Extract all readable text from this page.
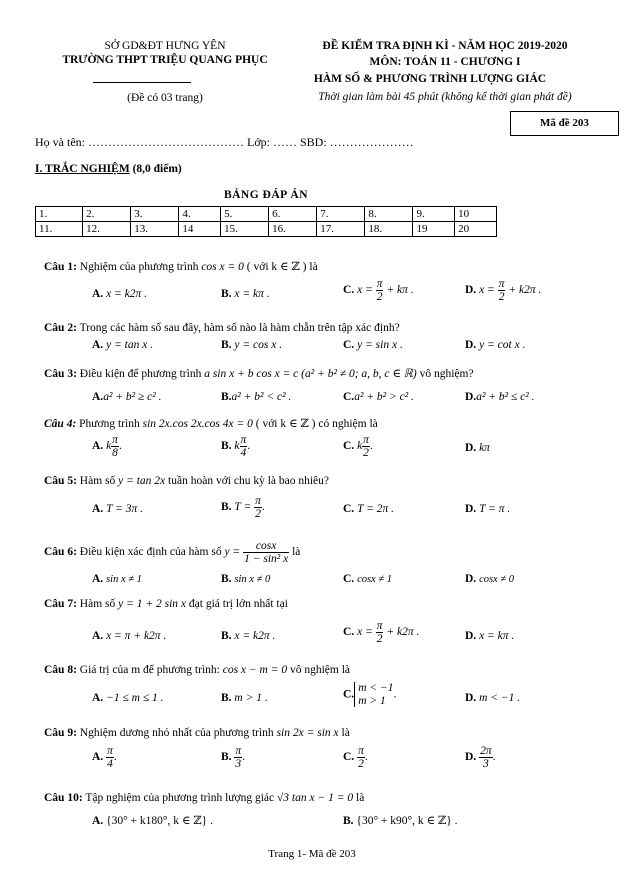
SỞ GD&ĐT HƯNG YÊN
TRƯỜNG THPT TRIỆU QUANG PHỤC
(Đề có 03 trang)
ĐỀ KIỂM TRA ĐỊNH KÌ - NĂM HỌC 2019-2020
MÔN: TOÁN 11 - CHƯƠNG I
HÀM SỐ & PHƯƠNG TRÌNH LƯỢNG GIÁC
Thời gian làm bài 45 phút (không kể thời gian phát đề)
Mã đề 203
Họ và tên: ………………………………… Lớp: …… SBD: …………………
I. TRẮC NGHIỆM (8,0 điểm)
BẢNG ĐÁP ÁN
1.	2.	3.	4.	5.	6.	7.	8.	9.	10
11.	12.	13.	14	15.	16.	17.	18.	19	20
Câu 1: Nghiệm của phương trình cos x = 0 ( với k ∈ ℤ ) là
A. x = k2π .	B. x = kπ .	C. $x = \frac{\pi}{2} + k\pi$ .	D. $x = \frac{\pi}{2} + k2\pi$ .
Câu 2: Trong các hàm số sau đây, hàm số nào là hàm chẵn trên tập xác định?
A. y = tan x .	B. y = cos x .	C. y = sin x .	D. y = cot x .
Câu 3: Điều kiện để phương trình a sin x + b cos x = c (a² + b² ≠ 0; a, b, c ∈ ℝ) vô nghiệm?
A.a² + b² ≥ c² .	B.a² + b² < c² .	C.a² + b² > c² .	D.a² + b² ≤ c² .
Câu 4: Phương trình sin 2x.cos 2x.cos 4x = 0 ( với k ∈ ℤ ) có nghiệm là
A. k $\frac{\pi}{8}$ .	B. k $\frac{\pi}{4}$ .	C. k $\frac{\pi}{2}$ .	D. kπ
Câu 5: Hàm số y = tan 2x tuần hoàn với chu kỳ là bao nhiêu?
A. T = 3π .	B. $T = \frac{\pi}{2}$ .	C. T = 2π .	D. T = π .
Câu 6: Điều kiện xác định của hàm số $y = \frac{\cos x}{\text{1 − sin² x}}$ là
A. sin x ≠ 1	B. sin x ≠ 0	C. cosx ≠ 1	D. cosx ≠ 0
Câu 7: Hàm số y = 1 + 2 sin x đạt giá trị lớn nhất tại
A. x = π + k2π .	B. x = k2π .	C. $x = \frac{\pi}{2} + k2\pi$ .	D. x = kπ .
Câu 8: Giá trị của m để phương trình: cos x − m = 0 vô nghiệm là
A. −1 ≤ m ≤ 1 .	B. m > 1 .	C.
m < −1
m > 1
.	D. m < −1 .
Câu 9: Nghiệm dương nhỏ nhất của phương trình sin 2x = sin x là
A. $\frac{\pi}{4}$ .	B. $\frac{\pi}{3}$ .	C. $\frac{\pi}{2}$ .	D. $\frac{2\pi}{3}$ .
Câu 10: Tập nghiệm của phương trình lượng giác √3 tan x − 1 = 0 là
A. {30° + k180°, k ∈ ℤ} .	B. {30° + k90°, k ∈ ℤ} .
Trang 1- Mã đề 203
